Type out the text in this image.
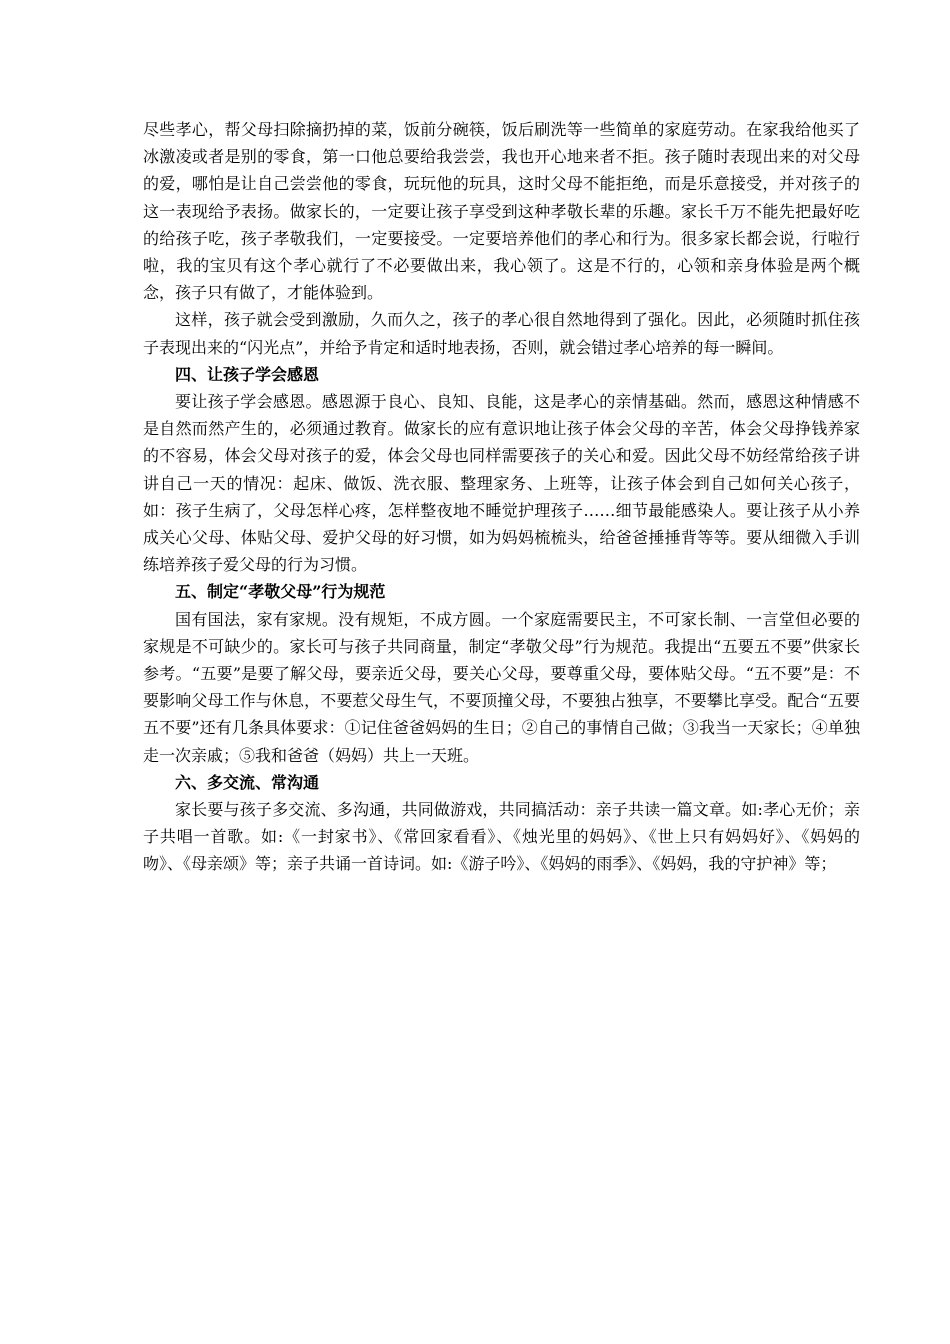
尽些孝心，帮父母扫除摘扔掉的菜，饭前分碗筷，饭后刷洗等一些简单的家庭劳动。在家我给他买了冰激凌或者是别的零食，第一口他总要给我尝尝，我也开心地来者不拒。孩子随时表现出来的对父母的爱，哪怕是让自己尝尝他的零食，玩玩他的玩具，这时父母不能拒绝，而是乐意接受，并对孩子的这一表现给予表扬。做家长的，一定要让孩子享受到这种孝敬长辈的乐趣。家长千万不能先把最好吃的给孩子吃，孩子孝敬我们，一定要接受。一定要培养他们的孝心和行为。很多家长都会说，行啦行啦，我的宝贝有这个孝心就行了不必要做出来，我心领了。这是不行的，心领和亲身体验是两个概念，孩子只有做了，才能体验到。

这样，孩子就会受到激励，久而久之，孩子的孝心很自然地得到了强化。因此，必须随时抓住孩子表现出来的“闪光点”，并给予肯定和适时地表扬，否则，就会错过孝心培养的每一瞬间。

四、让孩子学会感恩

要让孩子学会感恩。感恩源于良心、良知、良能，这是孝心的亲情基础。然而，感恩这种情感不是自然而然产生的，必须通过教育。做家长的应有意识地让孩子体会父母的辛苦，体会父母挣钱养家的不容易，体会父母对孩子的爱，体会父母也同样需要孩子的关心和爱。因此父母不妨经常给孩子讲讲自己一天的情况：起床、做饭、洗衣服、整理家务、上班等，让孩子体会到自己如何关心孩子，如：孩子生病了，父母怎样心疼，怎样整夜地不睡觉护理孩子……细节最能感染人。要让孩子从小养成关心父母、体贴父母、爱护父母的好习惯，如为妈妈梳梳头，给爸爸捶捶背等等。要从细微入手训练培养孩子爱父母的行为习惯。

五、制定“孝敬父母”行为规范

国有国法，家有家规。没有规矩，不成方圆。一个家庭需要民主，不可家长制、一言堂但必要的家规是不可缺少的。家长可与孩子共同商量，制定“孝敬父母”行为规范。我提出“五要五不要”供家长参考。“五要”是要了解父母，要亲近父母，要关心父母，要尊重父母，要体贴父母。“五不要”是：不要影响父母工作与休息，不要惹父母生气，不要顶撞父母，不要独占独享，不要攀比享受。配合“五要五不要”还有几条具体要求：①记住爸爸妈妈的生日；②自己的事情自己做；③我当一天家长；④单独走一次亲戚；⑤我和爸爸（妈妈）共上一天班。

六、多交流、常沟通

家长要与孩子多交流、多沟通，共同做游戏，共同搞活动：亲子共读一篇文章。如:孝心无价；亲子共唱一首歌。如:《一封家书》、《常回家看看》、《烛光里的妈妈》、《世上只有妈妈好》、《妈妈的吻》、《母亲颂》等；亲子共诵一首诗词。如:《游子吟》、《妈妈的雨季》、《妈妈，我的守护神》等；
